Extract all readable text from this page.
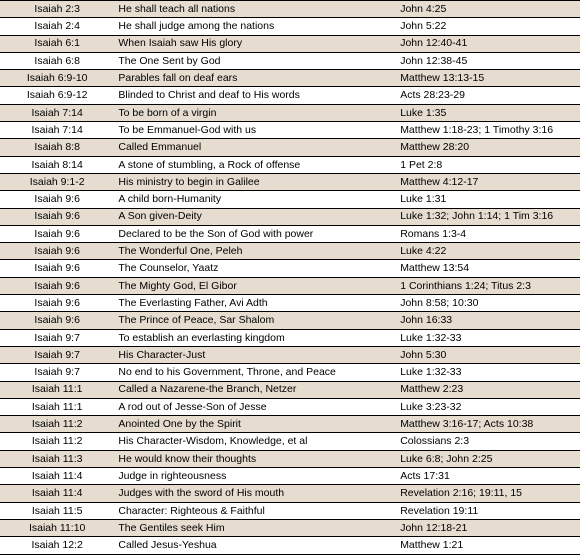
Isaiah 2:3	He shall teach all nations	John 4:25
Isaiah 2:4	He shall judge among the nations	John 5:22
Isaiah 6:1	When Isaiah saw His glory	John 12:40-41
Isaiah 6:8	The One Sent by God	John 12:38-45
Isaiah 6:9-10	Parables fall on deaf ears	Matthew 13:13-15
Isaiah 6:9-12	Blinded to Christ and deaf to His words	Acts 28:23-29
Isaiah 7:14	To be born of a virgin	Luke 1:35
Isaiah 7:14	To be Emmanuel-God with us	Matthew 1:18-23; 1 Timothy 3:16
Isaiah 8:8	Called Emmanuel	Matthew 28:20
Isaiah 8:14	A stone of stumbling, a Rock of offense	1 Pet 2:8
Isaiah 9:1-2	His ministry to begin in Galilee	Matthew 4:12-17
Isaiah 9:6	A child born-Humanity	Luke 1:31
Isaiah 9:6	A Son given-Deity	Luke 1:32; John 1:14; 1 Tim 3:16
Isaiah 9:6	Declared to be the Son of God with power	Romans 1:3-4
Isaiah 9:6	The Wonderful One, Peleh	Luke 4:22
Isaiah 9:6	The Counselor, Yaatz	Matthew 13:54
Isaiah 9:6	The Mighty God, El Gibor	1 Corinthians 1:24; Titus 2:3
Isaiah 9:6	The Everlasting Father, Avi Adth	John 8:58; 10:30
Isaiah 9:6	The Prince of Peace, Sar Shalom	John 16:33
Isaiah 9:7	To establish an everlasting kingdom	Luke 1:32-33
Isaiah 9:7	His Character-Just	John 5:30
Isaiah 9:7	No end to his Government, Throne, and Peace	Luke 1:32-33
Isaiah 11:1	Called a Nazarene-the Branch, Netzer	Matthew 2:23
Isaiah 11:1	A rod out of Jesse-Son of Jesse	Luke 3:23-32
Isaiah 11:2	Anointed One by the Spirit	Matthew 3:16-17; Acts 10:38
Isaiah 11:2	His Character-Wisdom, Knowledge, et al	Colossians 2:3
Isaiah 11:3	He would know their thoughts	Luke 6:8; John 2:25
Isaiah 11:4	Judge in righteousness	Acts 17:31
Isaiah 11:4	Judges with the sword of His mouth	Revelation 2:16; 19:11, 15
Isaiah 11:5	Character: Righteous & Faithful	Revelation 19:11
Isaiah 11:10	The Gentiles seek Him	John 12:18-21
Isaiah 12:2	Called Jesus-Yeshua	Matthew 1:21
